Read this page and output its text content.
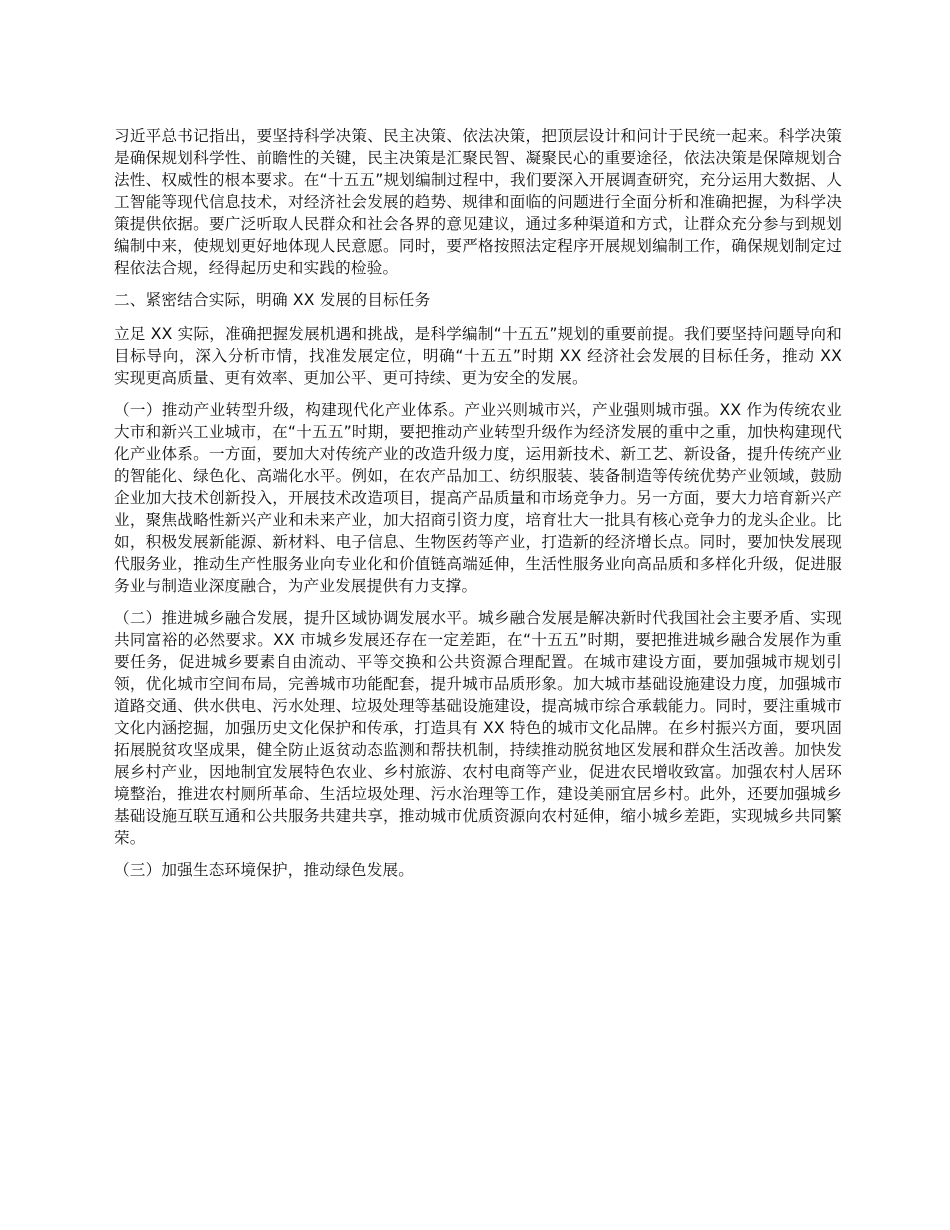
习近平总书记指出，要坚持科学决策、民主决策、依法决策，把顶层设计和问计于民统一起来。科学决策是确保规划科学性、前瞻性的关键，民主决策是汇聚民智、凝聚民心的重要途径，依法决策是保障规划合法性、权威性的根本要求。在“十五五”规划编制过程中，我们要深入开展调查研究，充分运用大数据、人工智能等现代信息技术，对经济社会发展的趋势、规律和面临的问题进行全面分析和准确把握，为科学决策提供依据。要广泛听取人民群众和社会各界的意见建议，通过多种渠道和方式，让群众充分参与到规划编制中来，使规划更好地体现人民意愿。同时，要严格按照法定程序开展规划编制工作，确保规划制定过程依法合规，经得起历史和实践的检验。

二、紧密结合实际，明确 XX 发展的目标任务

立足 XX 实际，准确把握发展机遇和挑战，是科学编制“十五五”规划的重要前提。我们要坚持问题导向和目标导向，深入分析市情，找准发展定位，明确“十五五”时期 XX 经济社会发展的目标任务，推动 XX 实现更高质量、更有效率、更加公平、更可持续、更为安全的发展。

（一）推动产业转型升级，构建现代化产业体系。产业兴则城市兴，产业强则城市强。XX 作为传统农业大市和新兴工业城市，在“十五五”时期，要把推动产业转型升级作为经济发展的重中之重，加快构建现代化产业体系。一方面，要加大对传统产业的改造升级力度，运用新技术、新工艺、新设备，提升传统产业的智能化、绿色化、高端化水平。例如，在农产品加工、纺织服装、装备制造等传统优势产业领域，鼓励企业加大技术创新投入，开展技术改造项目，提高产品质量和市场竞争力。另一方面，要大力培育新兴产业，聚焦战略性新兴产业和未来产业，加大招商引资力度，培育壮大一批具有核心竞争力的龙头企业。比如，积极发展新能源、新材料、电子信息、生物医药等产业，打造新的经济增长点。同时，要加快发展现代服务业，推动生产性服务业向专业化和价值链高端延伸，生活性服务业向高品质和多样化升级，促进服务业与制造业深度融合，为产业发展提供有力支撑。

（二）推进城乡融合发展，提升区域协调发展水平。城乡融合发展是解决新时代我国社会主要矛盾、实现共同富裕的必然要求。XX 市城乡发展还存在一定差距，在“十五五”时期，要把推进城乡融合发展作为重要任务，促进城乡要素自由流动、平等交换和公共资源合理配置。在城市建设方面，要加强城市规划引领，优化城市空间布局，完善城市功能配套，提升城市品质形象。加大城市基础设施建设力度，加强城市道路交通、供水供电、污水处理、垃圾处理等基础设施建设，提高城市综合承载能力。同时，要注重城市文化内涵挖掘，加强历史文化保护和传承，打造具有 XX 特色的城市文化品牌。在乡村振兴方面，要巩固拓展脱贫攻坚成果，健全防止返贫动态监测和帮扶机制，持续推动脱贫地区发展和群众生活改善。加快发展乡村产业，因地制宜发展特色农业、乡村旅游、农村电商等产业，促进农民增收致富。加强农村人居环境整治，推进农村厕所革命、生活垃圾处理、污水治理等工作，建设美丽宜居乡村。此外，还要加强城乡基础设施互联互通和公共服务共建共享，推动城市优质资源向农村延伸，缩小城乡差距，实现城乡共同繁荣。

（三）加强生态环境保护，推动绿色发展。
